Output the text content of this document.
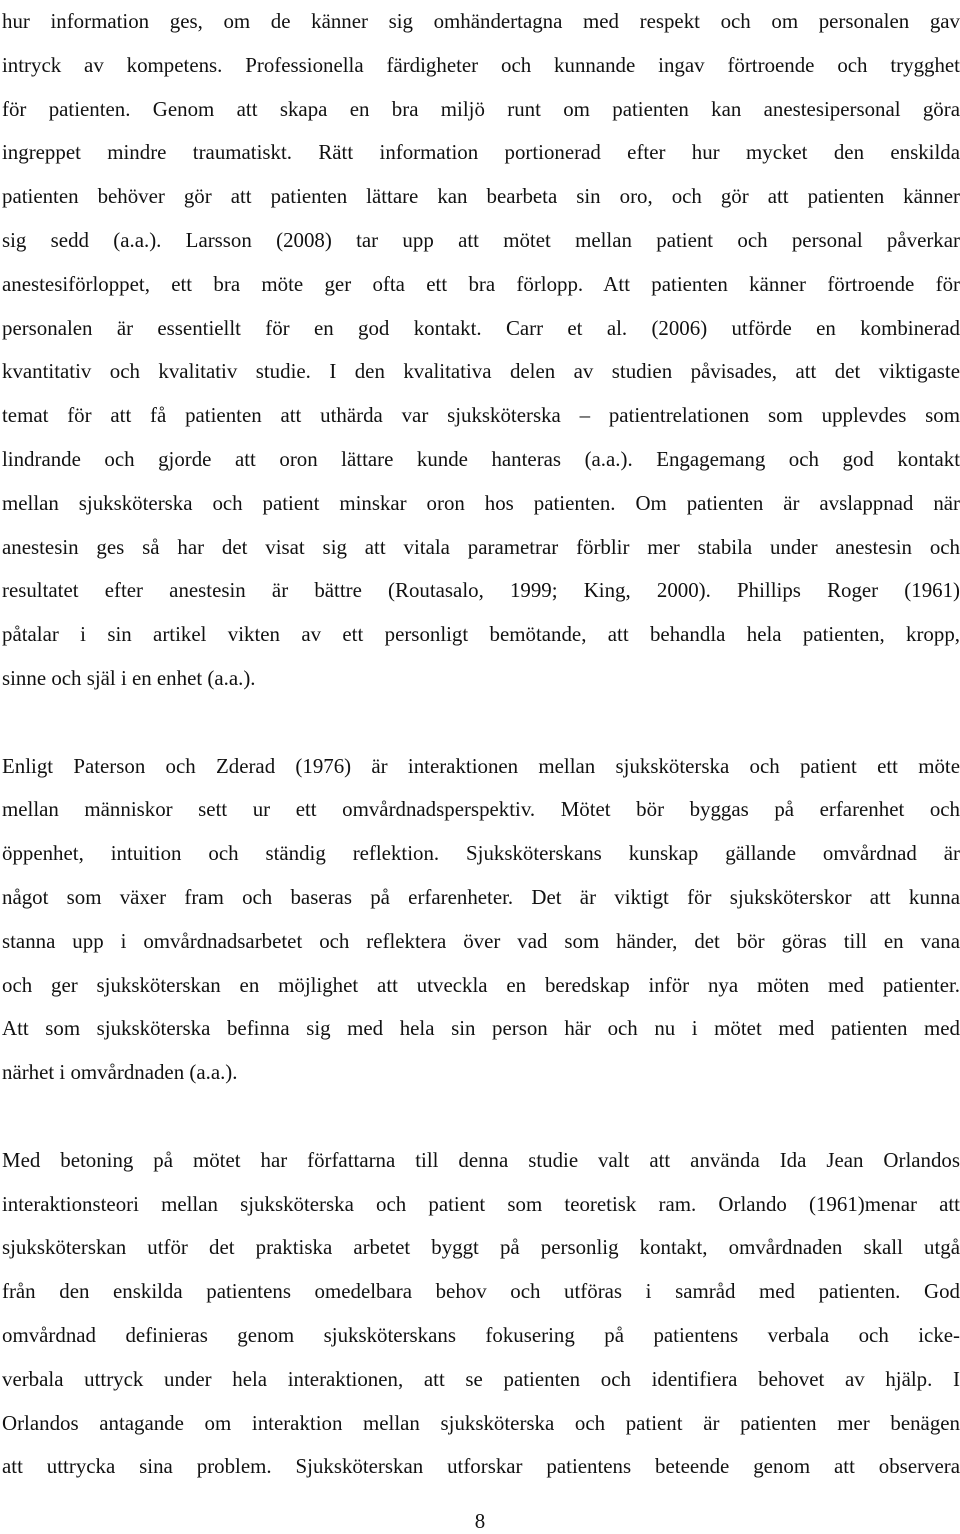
hur information ges, om de känner sig omhändertagna med respekt och om personalen gav
intryck av kompetens. Professionella färdigheter och kunnande ingav förtroende och trygghet
för patienten. Genom att skapa en bra miljö runt om patienten kan anestesipersonal göra
ingreppet mindre traumatiskt. Rätt information portionerad efter hur mycket den enskilda
patienten behöver gör att patienten lättare kan bearbeta sin oro, och gör att patienten känner
sig sedd (a.a.). Larsson (2008) tar upp att mötet mellan patient och personal påverkar
anestesiförloppet, ett bra möte ger ofta ett bra förlopp. Att patienten känner förtroende för
personalen är essentiellt för en god kontakt. Carr et al. (2006) utförde en kombinerad
kvantitativ och kvalitativ studie. I den kvalitativa delen av studien påvisades, att det viktigaste
temat för att få patienten att uthärda var sjuksköterska – patientrelationen som upplevdes som
lindrande och gjorde att oron lättare kunde hanteras (a.a.). Engagemang och god kontakt
mellan sjuksköterska och patient minskar oron hos patienten. Om patienten är avslappnad när
anestesin ges så har det visat sig att vitala parametrar förblir mer stabila under anestesin och
resultatet efter anestesin är bättre (Routasalo, 1999; King, 2000). Phillips Roger (1961)
påtalar i sin artikel vikten av ett personligt bemötande, att behandla hela patienten, kropp,
sinne och själ i en enhet (a.a.).
Enligt Paterson och Zderad (1976) är interaktionen mellan sjuksköterska och patient ett möte
mellan människor sett ur ett omvårdnadsperspektiv. Mötet bör byggas på erfarenhet och
öppenhet, intuition och ständig reflektion. Sjuksköterskans kunskap gällande omvårdnad är
något som växer fram och baseras på erfarenheter. Det är viktigt för sjuksköterskor att kunna
stanna upp i omvårdnadsarbetet och reflektera över vad som händer, det bör göras till en vana
och ger sjuksköterskan en möjlighet att utveckla en beredskap inför nya möten med patienter.
Att som sjuksköterska befinna sig med hela sin person här och nu i mötet med patienten med
närhet i omvårdnaden (a.a.).
Med betoning på mötet har författarna till denna studie valt att använda Ida Jean Orlandos
interaktionsteori mellan sjuksköterska och patient som teoretisk ram. Orlando (1961)menar att
sjuksköterskan utför det praktiska arbetet byggt på personlig kontakt, omvårdnaden skall utgå
från den enskilda patientens omedelbara behov och utföras i samråd med patienten. God
omvårdnad definieras genom sjuksköterskans fokusering på patientens verbala och icke-
verbala uttryck under hela interaktionen, att se patienten och identifiera behovet av hjälp. I
Orlandos antagande om interaktion mellan sjuksköterska och patient är patienten mer benägen
att uttrycka sina problem. Sjuksköterskan utforskar patientens beteende genom att observera
8
